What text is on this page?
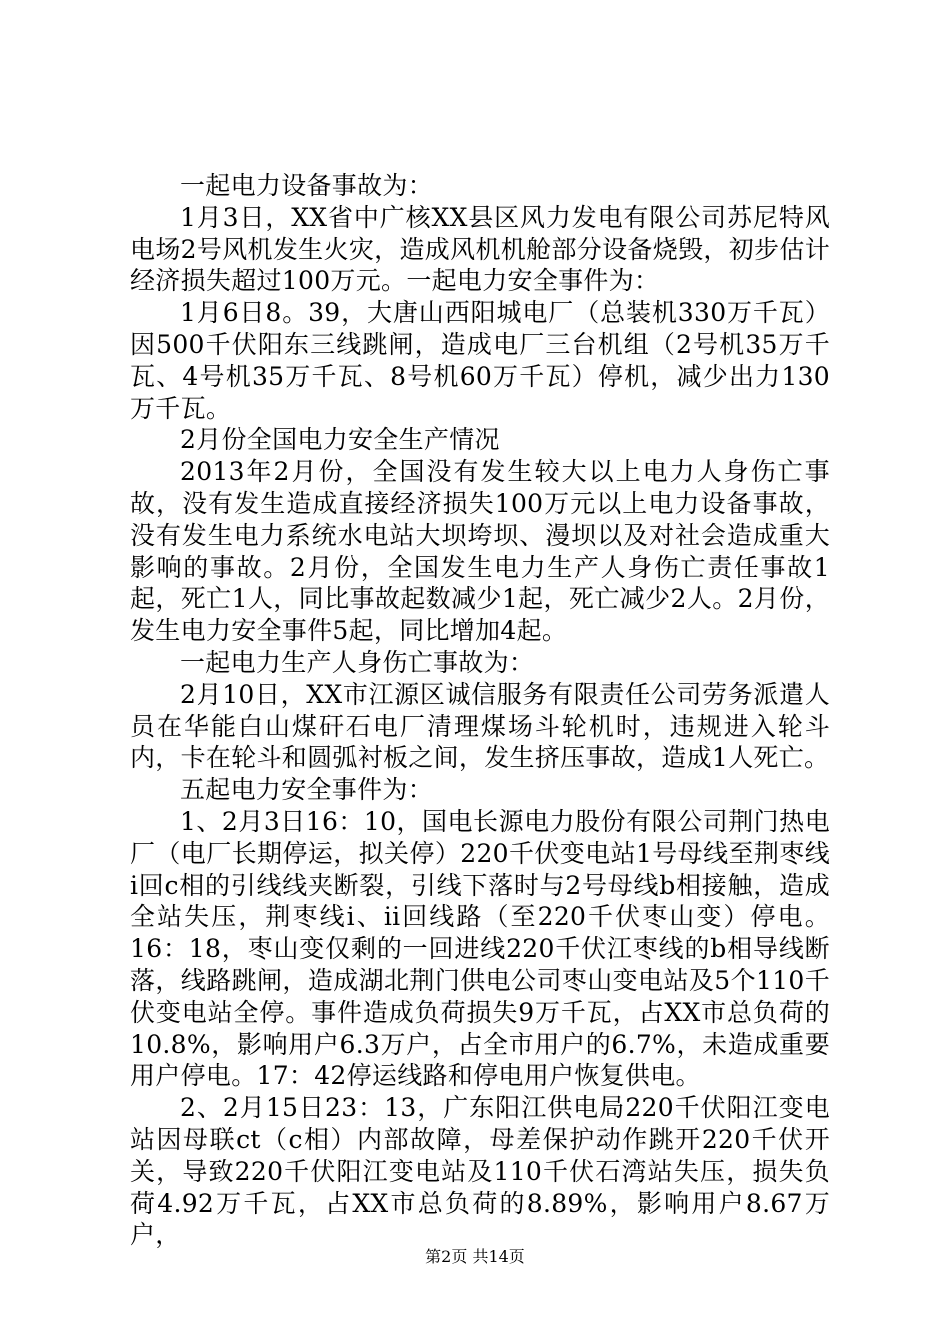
一起电力设备事故为：

1月3日，XX省中广核XX县区风力发电有限公司苏尼特风电场2号风机发生火灾，造成风机机舱部分设备烧毁，初步估计经济损失超过100万元。一起电力安全事件为：

1月6日8。39，大唐山西阳城电厂（总装机330万千瓦）因500千伏阳东三线跳闸，造成电厂三台机组（2号机35万千瓦、4号机35万千瓦、8号机60万千瓦）停机，减少出力130万千瓦。

2月份全国电力安全生产情况

2013年2月份，全国没有发生较大以上电力人身伤亡事故，没有发生造成直接经济损失100万元以上电力设备事故，没有发生电力系统水电站大坝垮坝、漫坝以及对社会造成重大影响的事故。2月份，全国发生电力生产人身伤亡责任事故1起，死亡1人，同比事故起数减少1起，死亡减少2人。2月份，发生电力安全事件5起，同比增加4起。

一起电力生产人身伤亡事故为：

2月10日，XX市江源区诚信服务有限责任公司劳务派遣人员在华能白山煤矸石电厂清理煤场斗轮机时，违规进入轮斗内，卡在轮斗和圆弧衬板之间，发生挤压事故，造成1人死亡。

五起电力安全事件为：

1、2月3日16：10，国电长源电力股份有限公司荆门热电厂（电厂长期停运，拟关停）220千伏变电站1号母线至荆枣线i回c相的引线线夹断裂，引线下落时与2号母线b相接触，造成全站失压，荆枣线i、ii回线路（至220千伏枣山变）停电。16：18，枣山变仅剩的一回进线220千伏江枣线的b相导线断落，线路跳闸，造成湖北荆门供电公司枣山变电站及5个110千伏变电站全停。事件造成负荷损失9万千瓦，占XX市总负荷的10.8%，影响用户6.3万户，占全市用户的6.7%，未造成重要用户停电。17：42停运线路和停电用户恢复供电。

2、2月15日23：13，广东阳江供电局220千伏阳江变电站因母联ct（c相）内部故障，母差保护动作跳开220千伏开关，导致220千伏阳江变电站及110千伏石湾站失压，损失负荷4.92万千瓦，占XX市总负荷的8.89%，影响用户8.67万户，

第2页 共14页
